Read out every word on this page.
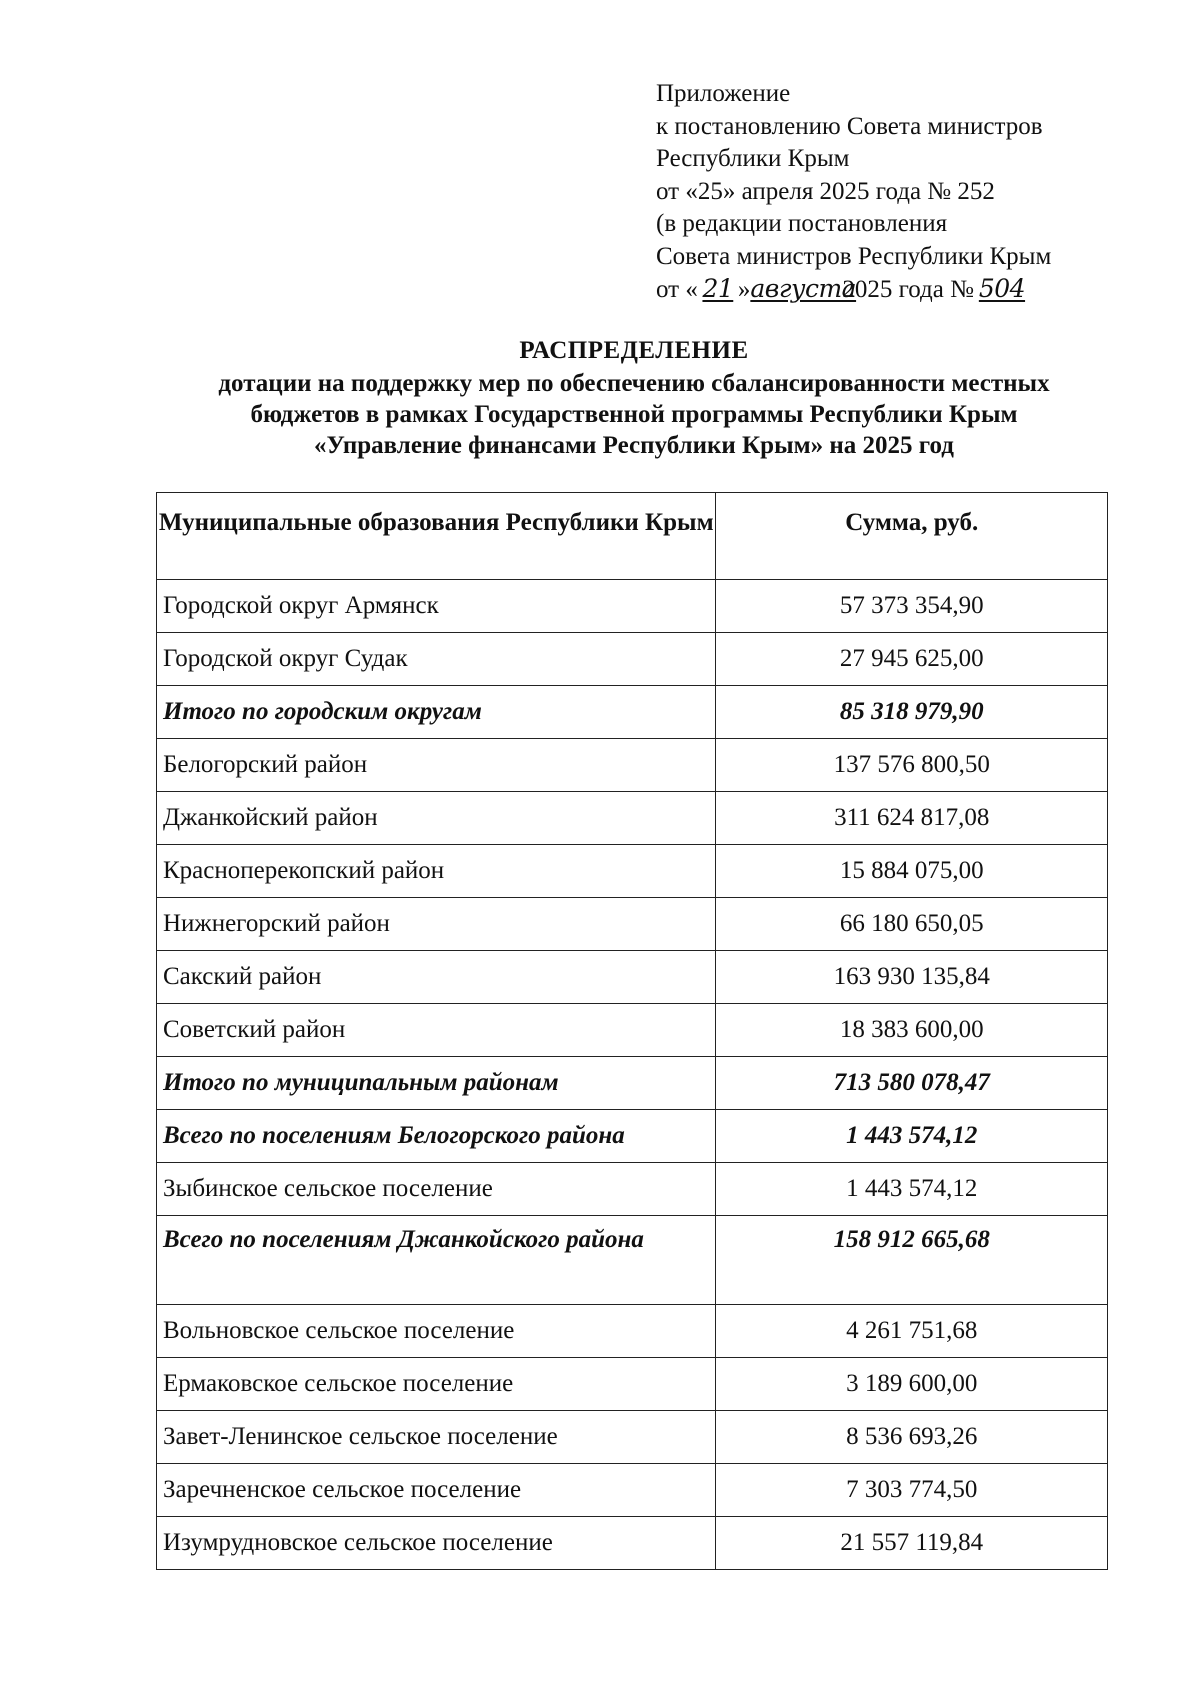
Приложение
к постановлению Совета министров
Республики Крым
от «25» апреля 2025 года № 252
(в редакции постановления
Совета министров Республики Крым
от « 21 »августа2025 года № 504
РАСПРЕДЕЛЕНИЕ
дотации на поддержку мер по обеспечению сбалансированности местных
бюджетов в рамках Государственной программы Республики Крым
«Управление финансами Республики Крым» на 2025 год
Муниципальные образования Республики Крым	Сумма, руб.
Городской округ Армянск	57 373 354,90
Городской округ Судак	27 945 625,00
Итого по городским округам	85 318 979,90
Белогорский район	137 576 800,50
Джанкойский район	311 624 817,08
Красноперекопский район	15 884 075,00
Нижнегорский район	66 180 650,05
Сакский район	163 930 135,84
Советский район	18 383 600,00
Итого по муниципальным районам	713 580 078,47
Всего по поселениям Белогорского района	1 443 574,12
Зыбинское сельское поселение	1 443 574,12
Всего по поселениям Джанкойского района	158 912 665,68
Вольновское сельское поселение	4 261 751,68
Ермаковское сельское поселение	3 189 600,00
Завет-Ленинское сельское поселение	8 536 693,26
Заречненское сельское поселение	7 303 774,50
Изумрудновское сельское поселение	21 557 119,84
